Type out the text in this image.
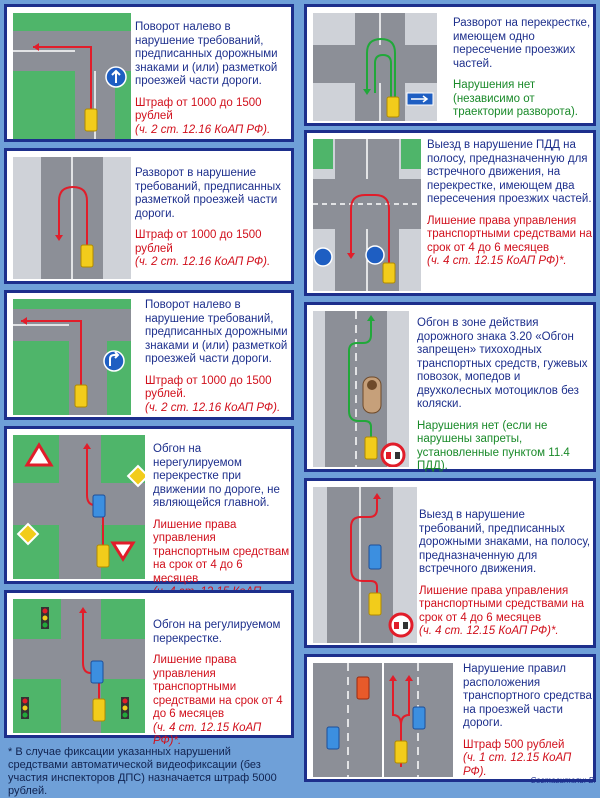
Поворот налево в нарушение требований, предписанных дорожными знаками и (или) разметкой проезжей части дороги.

Штраф от 1000 до 1500 рублей
(ч. 2 ст. 12.16 КоАП РФ).

Разворот в нарушение требований, предписанных разметкой проезжей части дороги.

Штраф от 1000 до 1500 рублей
(ч. 2 ст. 12.16 КоАП РФ).

Поворот налево в нарушение требований, предписанных дорожными знаками и (или) разметкой проезжей части дороги.

Штраф от 1000 до 1500 рублей.
(ч. 2 ст. 12.16 КоАП РФ).

Обгон на нерегулируемом перекрестке при движении по дороге, не являющейся главной.

Лишение права управления транспортным средствам на срок от 4 до 6 месяцев

Обгон на регулируемом перекрестке.

Лишение права управления транспортными средствами на срок от 4 до 6 месяцев
(ч. 4 ст. 12.15 КоАП РФ)*.

Разворот на перекрестке, имеющем одно пересечение проезжих частей.

Нарушения нет (независимо от траектории разворота).

Выезд в нарушение ПДД на полосу, предназначенную для встречного движения, на перекрестке, имеющем два пересечения проезжих частей.

Лишение права управления транспортными средствами на срок от 4 до 6 месяцев
(ч. 4 ст. 12.15 КоАП РФ)*.

Обгон в зоне действия дорожного знака 3.20 «Обгон запрещен» тихоходных транспортных средств, гужевых повозок, мопедов и двухколесных мотоциклов без коляски.

Нарушения нет (если не нарушены запреты, установленные пунктом 11.4 ПДД).

Выезд в нарушение требований, предписанных дорожными знаками, на полосу, предназначенную для встречного движения.

Лишение права управления транспортными средствами на срок от 4 до 6 месяцев
(ч. 4 ст. 12.15 КоАП РФ)*.

Нарушение правил расположения транспортного средства на проезжей части дороги.

Штраф 500 рублей
(ч. 1 ст. 12.15 КоАП РФ).

* В случае фиксации указанных нарушений средствами автоматической видеофиксации (без участия инспекторов ДПС) назначается штраф 5000 рублей.
Составители: В.
